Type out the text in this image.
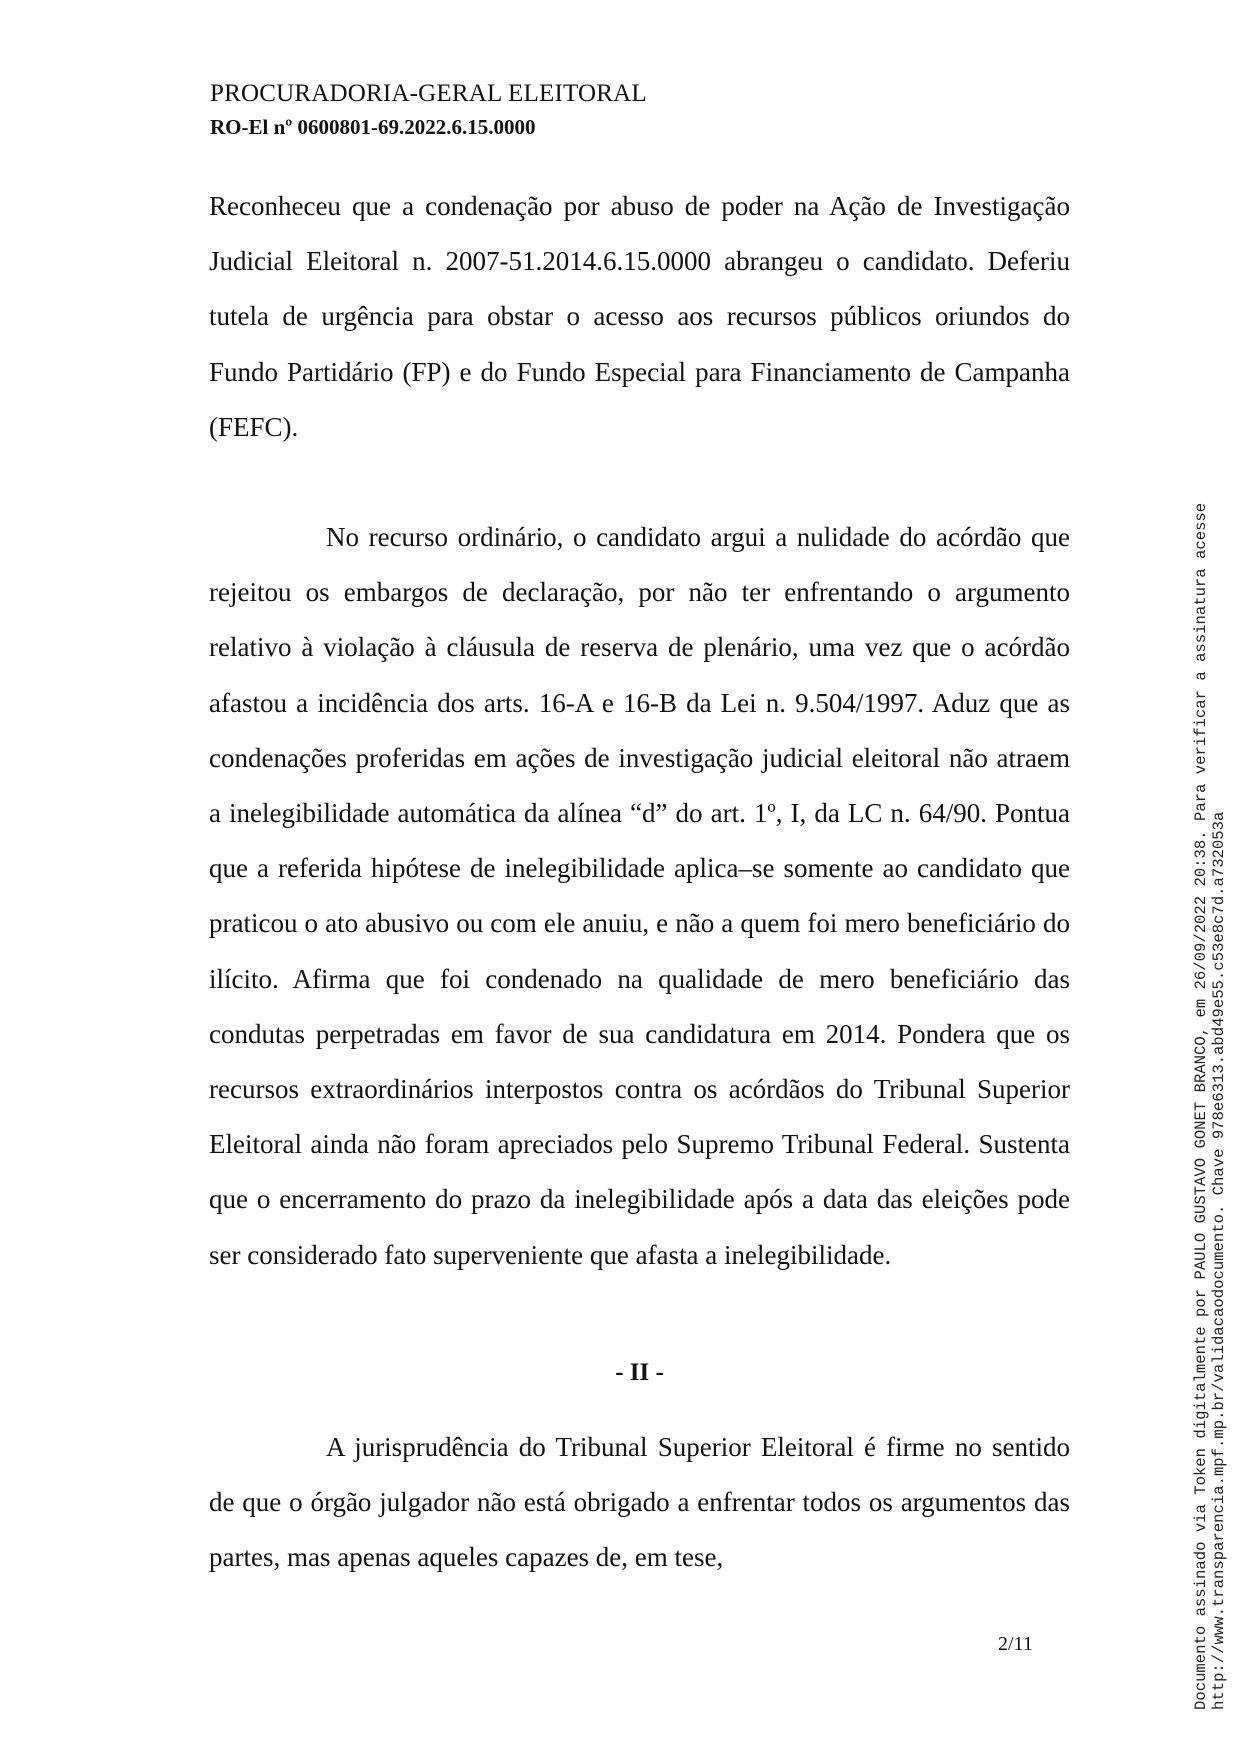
PROCURADORIA-GERAL ELEITORAL
RO-El nº 0600801-69.2022.6.15.0000

Reconheceu que a condenação por abuso de poder na Ação de Investigação Judicial Eleitoral n. 2007-51.2014.6.15.0000 abrangeu o candidato. Deferiu tutela de urgência para obstar o acesso aos recursos públicos oriundos do Fundo Partidário (FP) e do Fundo Especial para Financiamento de Campanha (FEFC).

No recurso ordinário, o candidato argui a nulidade do acórdão que rejeitou os embargos de declaração, por não ter enfrentando o argumento relativo à violação à cláusula de reserva de plenário, uma vez que o acórdão afastou a incidência dos arts. 16-A e 16-B da Lei n. 9.504/1997. Aduz que as condenações proferidas em ações de investigação judicial eleitoral não atraem a inelegibilidade automática da alínea “d” do art. 1º, I, da LC n. 64/90. Pontua que a referida hipótese de inelegibilidade aplica–se somente ao candidato que praticou o ato abusivo ou com ele anuiu, e não a quem foi mero beneficiário do ilícito. Afirma que foi condenado na qualidade de mero beneficiário das condutas perpetradas em favor de sua candidatura em 2014. Pondera que os recursos extraordinários interpostos contra os acórdãos do Tribunal Superior Eleitoral ainda não foram apreciados pelo Supremo Tribunal Federal. Sustenta que o encerramento do prazo da inelegibilidade após a data das eleições pode ser considerado fato superveniente que afasta a inelegibilidade.

- II -

A jurisprudência do Tribunal Superior Eleitoral é firme no sentido de que o órgão julgador não está obrigado a enfrentar todos os argumentos das partes, mas apenas aqueles capazes de, em tese,

2/11	Documento assinado via Token digitalmente por PAULO GUSTAVO GONET BRANCO, em 26/09/2022 20:38. Para verificar a assinatura acesse http://www.transparencia.mpf.mp.br/validacaodocumento. Chave 978e6313.abd49e55.c53e8c7d.a732053a
